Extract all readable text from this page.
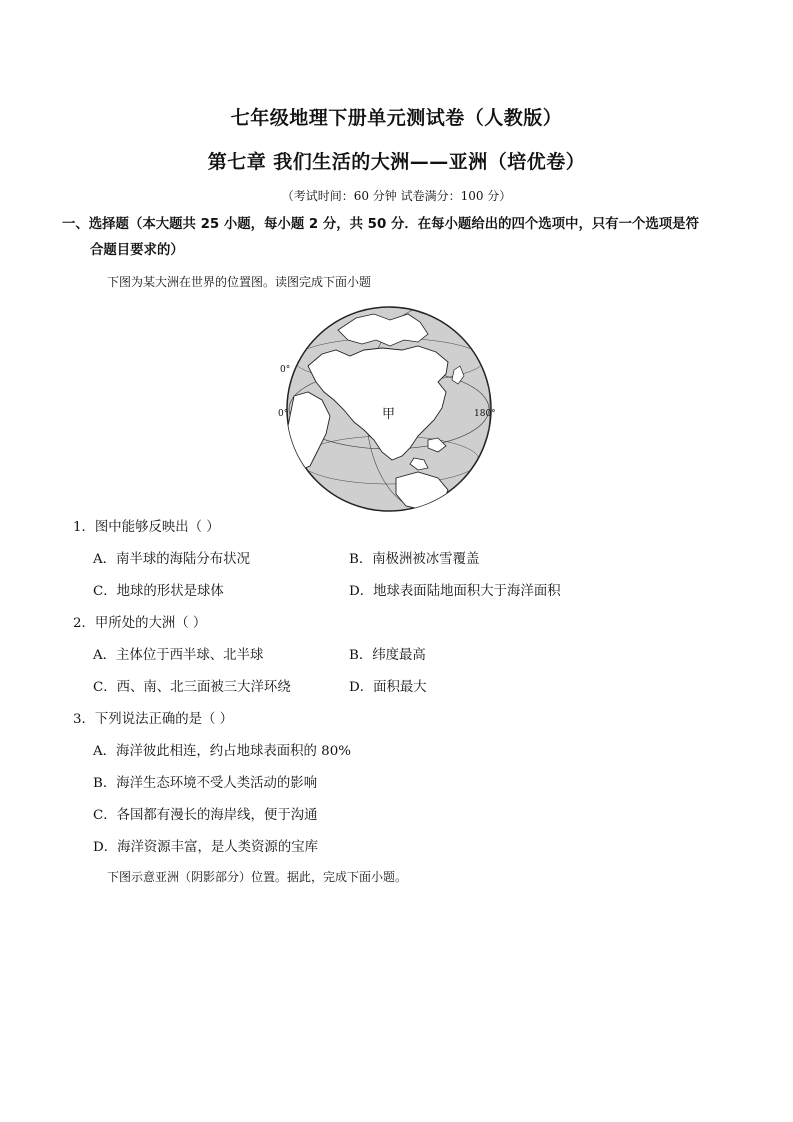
七年级地理下册单元测试卷（人教版）
第七章 我们生活的大洲——亚洲（培优卷）
（考试时间：60 分钟 试卷满分：100 分）
一、选择题（本大题共 25 小题，每小题 2 分，共 50 分．在每小题给出的四个选项中，只有一个选项是符
合题目要求的）
下图为某大洲在世界的位置图。读图完成下面小题
甲
0°
0°	180°
1．图中能够反映出（ ）
A．南半球的海陆分布状况	B．南极洲被冰雪覆盖
C．地球的形状是球体	D．地球表面陆地面积大于海洋面积
2．甲所处的大洲（ ）
A．主体位于西半球、北半球	B．纬度最高
C．西、南、北三面被三大洋环绕	D．面积最大
3．下列说法正确的是（ ）
A．海洋彼此相连，约占地球表面积的 80%
B．海洋生态环境不受人类活动的影响
C．各国都有漫长的海岸线，便于沟通
D．海洋资源丰富，是人类资源的宝库
下图示意亚洲（阴影部分）位置。据此，完成下面小题。
